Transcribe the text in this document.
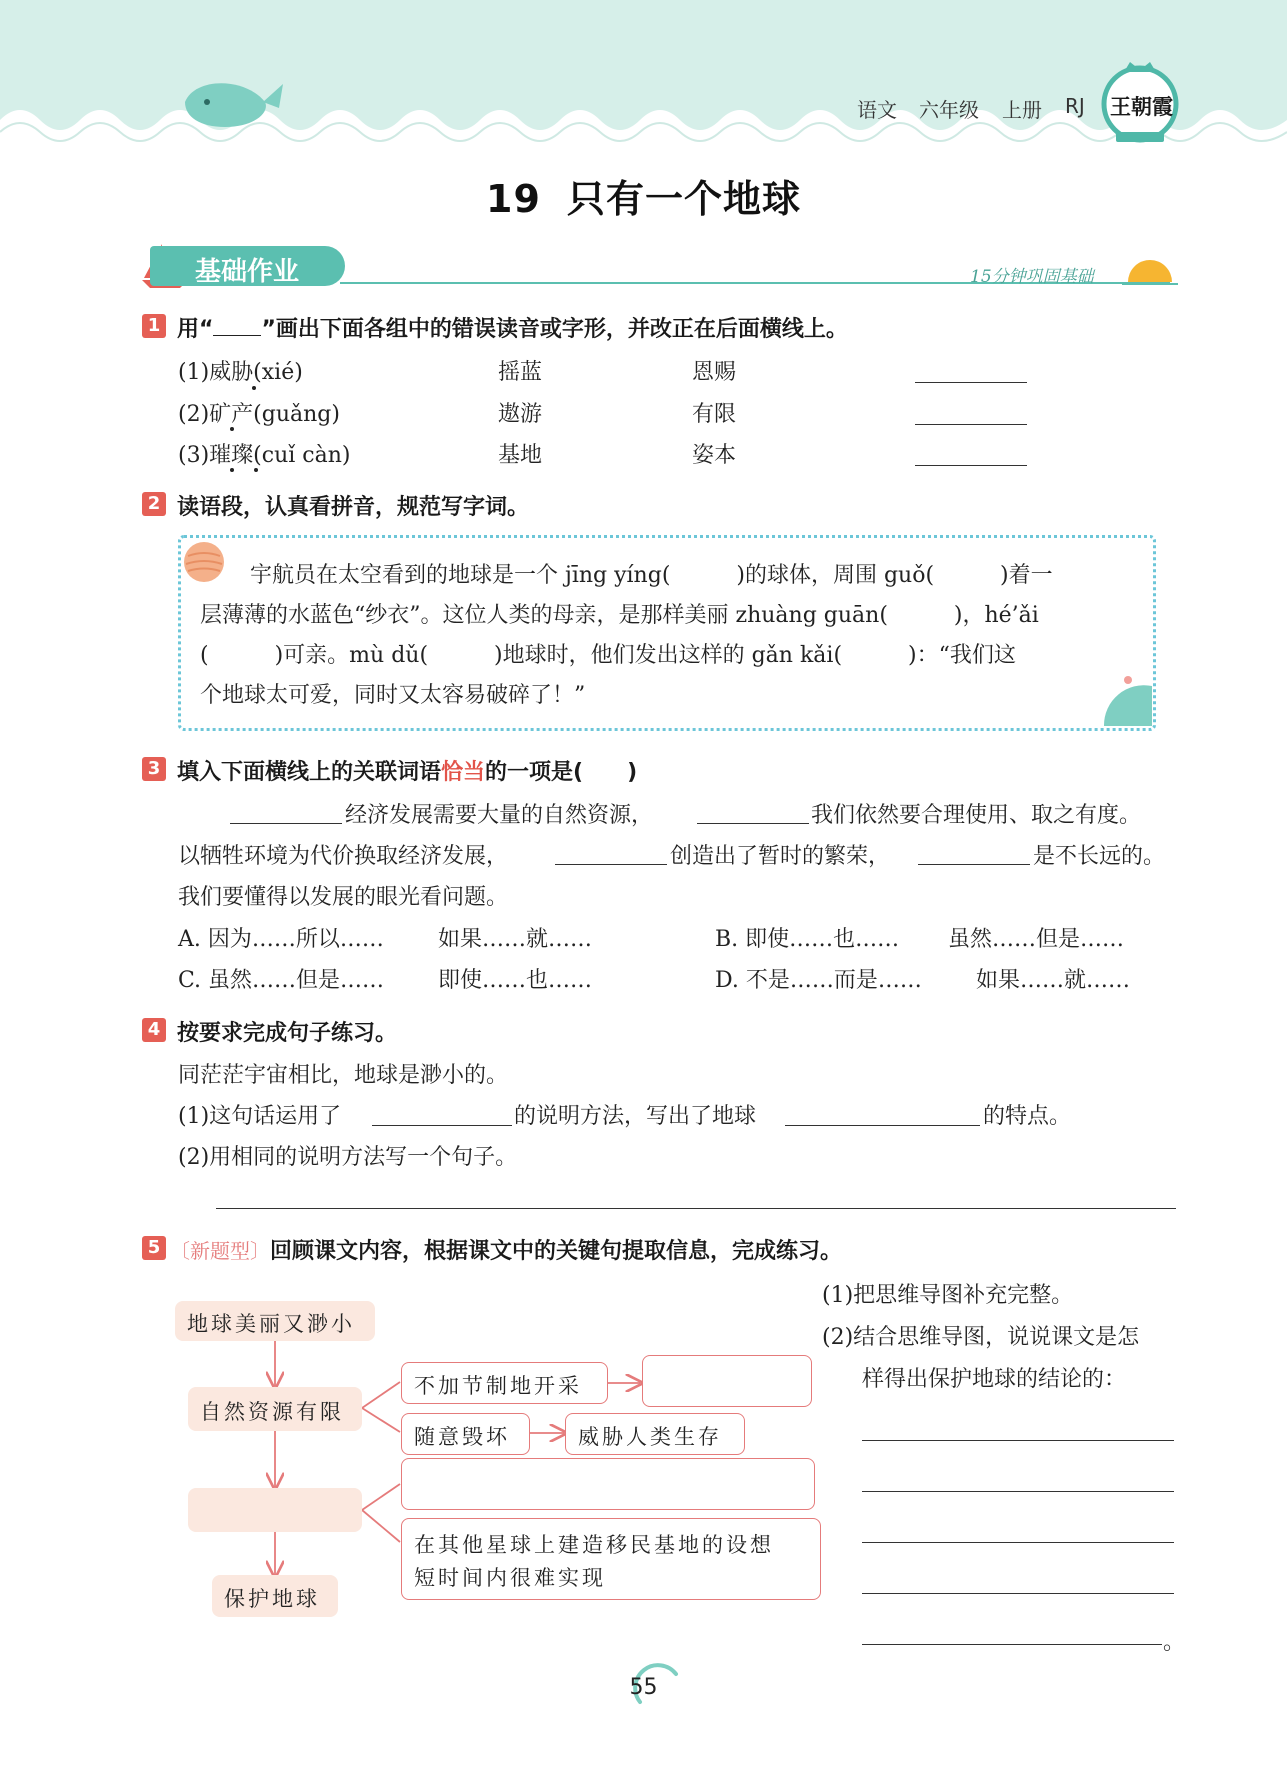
语文 六年级 上册 RJ 王朝霞
19 只有一个地球
基础作业	15分钟巩固基础
1 用“ ”画出下面各组中的错误读音或字形，并改正在后面横线上。
(1)威胁(xié)	摇蓝	恩赐
(2)矿产(guǎng)	遨游	有限
(3)璀璨(cuǐ càn)	基地	姿本
2 读语段，认真看拼音，规范写字词。
宇航员在太空看到的地球是一个 jīng yíng(　　　)的球体，周围 guǒ(　　　)着一
层薄薄的水蓝色“纱衣”。这位人类的母亲，是那样美丽 zhuàng guān(　　　)，hé’ǎi
(　　　)可亲。mù dǔ(　　　)地球时，他们发出这样的 gǎn kǎi(　　　)：“我们这
个地球太可爱，同时又太容易破碎了！”
3 填入下面横线上的关联词语恰当的一项是(　　)
经济发展需要大量的自然资源，	我们依然要合理使用、取之有度。
以牺牲环境为代价换取经济发展，	创造出了暂时的繁荣，	是不长远的。
我们要懂得以发展的眼光看问题。
A. 因为……所以…… 如果……就……	B. 即使……也…… 虽然……但是……
C. 虽然……但是…… 即使……也……	D. 不是……而是…… 如果……就……
4 按要求完成句子练习。
同茫茫宇宙相比，地球是渺小的。
(1)这句话运用了	的说明方法，写出了地球	的特点。
(2)用相同的说明方法写一个句子。
5 〔新题型〕 回顾课文内容，根据课文中的关键句提取信息，完成练习。
地球美丽又渺小
自然资源有限
保护地球
不加节制地开采
随意毁坏	威胁人类生存
在其他星球上建造移民基地的设想
短时间内很难实现
(1)把思维导图补充完整。
(2)结合思维导图，说说课文是怎
样得出保护地球的结论的：
。
55
